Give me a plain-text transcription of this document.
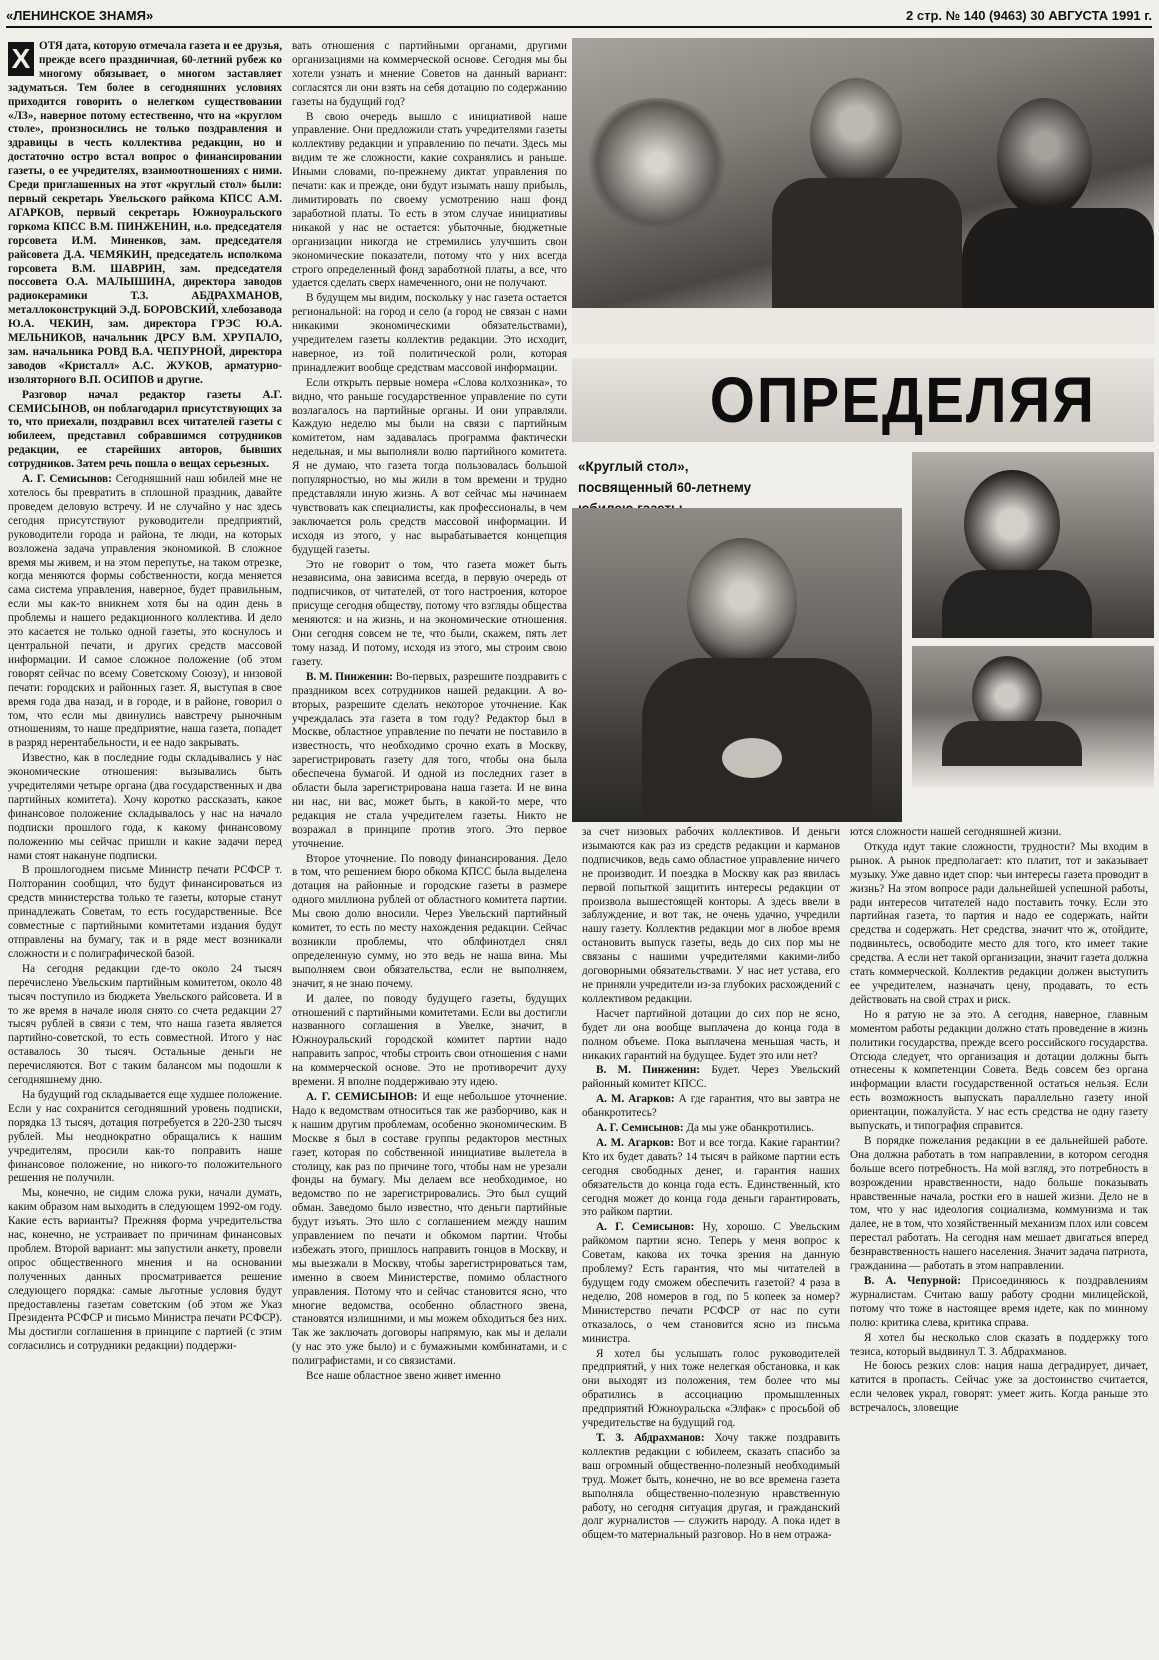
«ЛЕНИНСКОЕ ЗНАМЯ»	2 стр. № 140 (9463) 30 АВГУСТА 1991 г.

Х ОТЯ дата, которую отмечала газета и ее друзья, прежде всего праздничная, 60-летний рубеж ко многому обязывает, о многом заставляет задуматься. Тем более в сегодняшних условиях приходится говорить о нелегком существовании «ЛЗ», наверное потому естественно, что на «круглом столе», произносились не только поздравления и здравицы в честь коллектива редакции, но и достаточно остро встал вопрос о финансировании газеты, о ее учредителях, взаимоотношениях с ними. Среди приглашенных на этот «круглый стол» были: первый секретарь Увельского райкома КПСС А.М. АГАРКОВ, первый секретарь Южноуральского горкома КПСС В.М. ПИНЖЕНИН, и.о. председателя горсовета И.М. Миненков, зам. председателя райсовета Д.А. ЧЕМЯКИН, председатель исполкома горсовета В.М. ШАВРИН, зам. председателя поссовета О.А. МАЛЫШИНА, директора заводов радиокерамики Т.З. АБДРАХМАНОВ, металлоконструкций Э.Д. БОРОВСКИЙ, хлебозавода Ю.А. ЧЕКИН, зам. директора ГРЭС Ю.А. МЕЛЬНИКОВ, начальник ДРСУ В.М. ХРУПАЛО, зам. начальника РОВД В.А. ЧЕПУРНОЙ, директора заводов «Кристалл» А.С. ЖУКОВ, арматурно-изоляторного В.П. ОСИПОВ и другие.

Разговор начал редактор газеты А.Г. СЕМИСЫНОВ, он поблагодарил присутствующих за то, что приехали, поздравил всех читателей газеты с юбилеем, представил собравшимся сотрудников редакции, ее старейших авторов, бывших сотрудников. Затем речь пошла о вещах серьезных.

А. Г. Семисынов: Сегодняшний наш юбилей мне не хотелось бы превратить в сплошной праздник, давайте проведем деловую встречу. И не случайно у нас здесь сегодня присутствуют руководители предприятий, руководители города и района, те люди, на которых возложена задача управления экономикой. В сложное время мы живем, и на этом перепутье, на таком отрезке, когда меняются формы собственности, когда меняется сама система управления, наверное, будет правильным, если мы как-то вникнем хотя бы на один день в проблемы и нашего редакционного коллектива. И дело это касается не только одной газеты, это коснулось и центральной печати, и других средств массовой информации. И самое сложное положение (об этом говорят сейчас по всему Советскому Союзу), и низовой печати: городских и районных газет. Я, выступая в свое время года два назад, и в городе, и в районе, говорил о том, что если мы двинулись навстречу рыночным отношениям, то наше предприятие, наша газета, попадет в разряд нерентабельности, и ее надо закрывать.

Известно, как в последние годы складывались у нас экономические отношения: вызывались быть учредителями четыре органа (два государственных и два партийных комитета). Хочу коротко рассказать, какое финансовое положение складывалось у нас на начало подписки прошлого года, к какому финансовому положению мы сейчас пришли и какие задачи перед нами стоят накануне подписки.

В прошлогоднем письме Министр печати РСФСР т. Полторанин сообщил, что будут финансироваться из средств министерства только те газеты, которые станут принадлежать Советам, то есть государственные. Все совместные с партийными комитетами издания будут отправлены на бумагу, так и в ряде мест возникали сложности и с полиграфической базой.

На сегодня редакции где-то около 24 тысяч перечислено Увельским партийным комитетом, около 48 тысяч поступило из бюджета Увельского райсовета. И в то же время в начале июля снято со счета редакции 27 тысяч рублей в связи с тем, что наша газета является партийно-советской, то есть совместной. Итого у нас оставалось 30 тысяч. Остальные деньги не перечисляются. Вот с таким балансом мы подошли к сегодняшнему дню.

На будущий год складывается еще худшее положение. Если у нас сохранится сегодняшний уровень подписки, порядка 13 тысяч, дотация потребуется в 220-230 тысяч рублей. Мы неоднократно обращались к нашим учредителям, просили как-то поправить наше финансовое положение, но никого-то положительного решения не получили.

Мы, конечно, не сидим сложа руки, начали думать, каким образом нам выходить в следующем 1992-ом году. Какие есть варианты? Прежняя форма учредительства нас, конечно, не устраивает по причинам финансовых проблем. Второй вариант: мы запустили анкету, провели опрос общественного мнения и на основании полученных данных просматривается решение следующего порядка: самые льготные условия будут предоставлены газетам советским (об этом же Указ Президента РСФСР и письмо Министра печати РСФСР). Мы достигли соглашения в принципе с партией (с этим согласились и сотрудники редакции) поддержи-

вать отношения с партийными органами, другими организациями на коммерческой основе. Сегодня мы бы хотели узнать и мнение Советов на данный вариант: согласятся ли они взять на себя дотацию по содержанию газеты на будущий год?

В свою очередь вышло с инициативой наше управление. Они предложили стать учредителями газеты коллективу редакции и управлению по печати. Здесь мы видим те же сложности, какие сохранялись и раньше. Иными словами, по-прежнему диктат управления по печати: как и прежде, они будут изымать нашу прибыль, лимитировать по своему усмотрению наш фонд заработной платы. То есть в этом случае инициативы никакой у нас не остается: убыточные, бюджетные организации никогда не стремились улучшить свои экономические показатели, потому что у них всегда строго определенный фонд заработной платы, а все, что удается сделать сверх намеченного, они не получают.

В будущем мы видим, поскольку у нас газета остается региональной: на город и село (а город не связан с нами никакими экономическими обязательствами), учредителем газеты коллектив редакции. Это исходит, наверное, из той политической роли, которая принадлежит вообще средствам массовой информации.

Если открыть первые номера «Слова колхозника», то видно, что раньше государственное управление по сути возлагалось на партийные органы. И они управляли. Каждую неделю мы были на связи с партийным комитетом, нам задавалась программа фактически недельная, и мы выполняли волю партийного комитета. Я не думаю, что газета тогда пользовалась большой популярностью, но мы жили в том времени и трудно представляли иную жизнь. А вот сейчас мы начинаем чувствовать как специалисты, как профессионалы, в чем заключается роль средств массовой информации. И исходя из этого, у нас вырабатывается концепция будущей газеты.

Это не говорит о том, что газета может быть независима, она зависима всегда, в первую очередь от подписчиков, от читателей, от того настроения, которое присуще сегодня обществу, потому что взгляды общества меняются: и на жизнь, и на экономические отношения. Они сегодня совсем не те, что были, скажем, пять лет тому назад. И потому, исходя из этого, мы строим свою газету.

В. М. Пинженин: Во-первых, разрешите поздравить с праздником всех сотрудников нашей редакции. А во-вторых, разрешите сделать некоторое уточнение. Как учреждалась эта газета в том году? Редактор был в Москве, областное управление по печати не поставило в известность, что необходимо срочно ехать в Москву, зарегистрировать газету для того, чтобы она была обеспечена бумагой. И одной из последних газет в области была зарегистрирована наша газета. И не вина ни нас, ни вас, может быть, в какой-то мере, что редакция не стала учредителем газеты. Никто не возражал в принципе против этого. Это первое уточнение.

Второе уточнение. По поводу финансирования. Дело в том, что решением бюро обкома КПСС была выделена дотация на районные и городские газеты в размере одного миллиона рублей от областного комитета партии. Мы свою долю вносили. Через Увельский партийный комитет, то есть по месту нахождения редакции. Сейчас возникли проблемы, что облфинотдел снял определенную сумму, но это ведь не наша вина. Мы выполняем свои обязательства, если не выполняем, значит, я не знаю почему.

И далее, по поводу будущего газеты, будущих отношений с партийными комитетами. Если вы достигли названного соглашения в Увелке, значит, в Южноуральский городской комитет партии надо направить запрос, чтобы строить свои отношения с нами на коммерческой основе. Это не противоречит духу времени. Я вполне поддерживаю эту идею.

А. Г. СЕМИСЫНОВ: И еще небольшое уточнение. Надо к ведомствам относиться так же разборчиво, как и к нашим другим проблемам, особенно экономическим. В Москве я был в составе группы редакторов местных газет, которая по собственной инициативе вылетела в столицу, как раз по причине того, чтобы нам не урезали фонды на бумагу. Мы делаем все необходимое, но ведомство по не зарегистрировались. Это был сущий обман. Заведомо было известно, что деньги партийные будут изъять. Это шло с соглашением между нашим управлением по печати и обкомом партии. Чтобы избежать этого, пришлось направить гонцов в Москву, и мы выезжали в Москву, чтобы зарегистрироваться там, именно в своем Министерстве, помимо областного управления. Потому что и сейчас становится ясно, что многие ведомства, особенно областного звена, становятся излишними, и мы можем обходиться без них. Так же заключать договоры напрямую, как мы и делали (у нас это уже было) и с бумажными комбинатами, и с полиграфистами, и со связистами.

Все наше областное звено живет именно

за счет низовых рабочих коллективов. И деньги изымаются как раз из средств редакции и карманов подписчиков, ведь само областное управление ничего не производит. И поездка в Москву как раз явилась первой попыткой защитить интересы редакции от произвола вышестоящей конторы. А здесь ввели в заблуждение, и вот так, не очень удачно, учредили нашу газету. Коллектив редакции мог в любое время остановить выпуск газеты, ведь до сих пор мы не связаны с нашими учредителями какими-либо договорными обязательствами. У нас нет устава, его не приняли учредители из-за глубоких расхождений с коллективом редакции.

Насчет партийной дотации до сих пор не ясно, будет ли она вообще выплачена до конца года в полном объеме. Пока выплачена меньшая часть, и никаких гарантий на будущее. Будет это или нет?

В. М. Пинженин: Будет. Через Увельский районный комитет КПСС.

А. М. Агарков: А где гарантия, что вы завтра не обанкротитесь?

А. Г. Семисынов: Да мы уже обанкротились.

А. М. Агарков: Вот и все тогда. Какие гарантии? Кто их будет давать? 14 тысяч в райкоме партии есть сегодня свободных денег, и гарантия наших обязательств до конца года есть. Единственный, кто сегодня может до конца года деньги гарантировать, это райком партии.

А. Г. Семисынов: Ну, хорошо. С Увельским райкомом партии ясно. Теперь у меня вопрос к Советам, какова их точка зрения на данную проблему? Есть гарантия, что мы читателей в будущем году сможем обеспечить газетой? 4 раза в неделю, 208 номеров в год, по 5 копеек за номер? Министерство печати РСФСР от нас по сути отказалось, о чем становится ясно из письма министра.

Я хотел бы услышать голос руководителей предприятий, у них тоже нелегкая обстановка, и как они выходят из положения, тем более что мы обратились в ассоциацию промышленных предприятий Южноуральска «Элфак» с просьбой об учредительстве на будущий год.

Т. З. Абдрахманов: Хочу также поздравить коллектив редакции с юбилеем, сказать спасибо за ваш огромный общественно-полезный необходимый труд. Может быть, конечно, не во все времена газета выполняла общественно-полезную нравственную работу, но сегодня ситуация другая, и гражданский долг журналистов — служить народу. А пока идет в общем-то материальный разговор. Но в нем отража-

ются сложности нашей сегодняшней жизни.

Откуда идут такие сложности, трудности? Мы входим в рынок. А рынок предполагает: кто платит, тот и заказывает музыку. Уже давно идет спор: чьи интересы газета проводит в жизнь? На этом вопросе ради дальнейшей успешной работы, ради интересов читателей надо поставить точку. Если это партийная газета, то партия и надо ее содержать, найти средства и содержать. Нет средства, значит что ж, отойдите, подвиньтесь, освободите место для того, кто имеет такие средства. А если нет такой организации, значит газета должна стать коммерческой. Коллектив редакции должен выступить ее учредителем, назначать цену, продавать, то есть действовать на свой страх и риск.

Но я ратую не за это. А сегодня, наверное, главным моментом работы редакции должно стать проведение в жизнь политики государства, прежде всего российского государства. Отсюда следует, что организация и дотации должны быть отнесены к компетенции Совета. Ведь совсем без органа информации власти государственной остаться нельзя. Если есть возможность выпускать параллельно газету иной ориентации, пожалуйста. У нас есть средства не одну газету выпускать, и типография справится.

В порядке пожелания редакции в ее дальнейшей работе. Она должна работать в том направлении, в котором сегодня больше всего потребность. На мой взгляд, это потребность в возрождении нравственности, надо больше показывать нравственные начала, ростки его в нашей жизни. Дело не в том, что у нас идеология социализма, коммунизма и так далее, не в том, что хозяйственный механизм плох или совсем перестал работать. На сегодня нам мешает двигаться вперед безнравственность нашего населения. Значит задача патриота, гражданина — работать в этом направлении.

В. А. Чепурной: Присоединяюсь к поздравлениям журналистам. Считаю вашу работу сродни милицейской, потому что тоже в настоящее время идете, как по минному полю: критика слева, критика справа.

Я хотел бы несколько слов сказать в поддержку того тезиса, который выдвинул Т. З. Абдрахманов.

Не боюсь резких слов: нация наша деградирует, дичает, катится в пропасть. Сейчас уже за достоинство считается, если человек украл, говорят: умеет жить. Когда раньше это встречалось, зловещие

ОПРЕДЕЛЯЯ
«Круглый стол», посвященный 60-летнему
